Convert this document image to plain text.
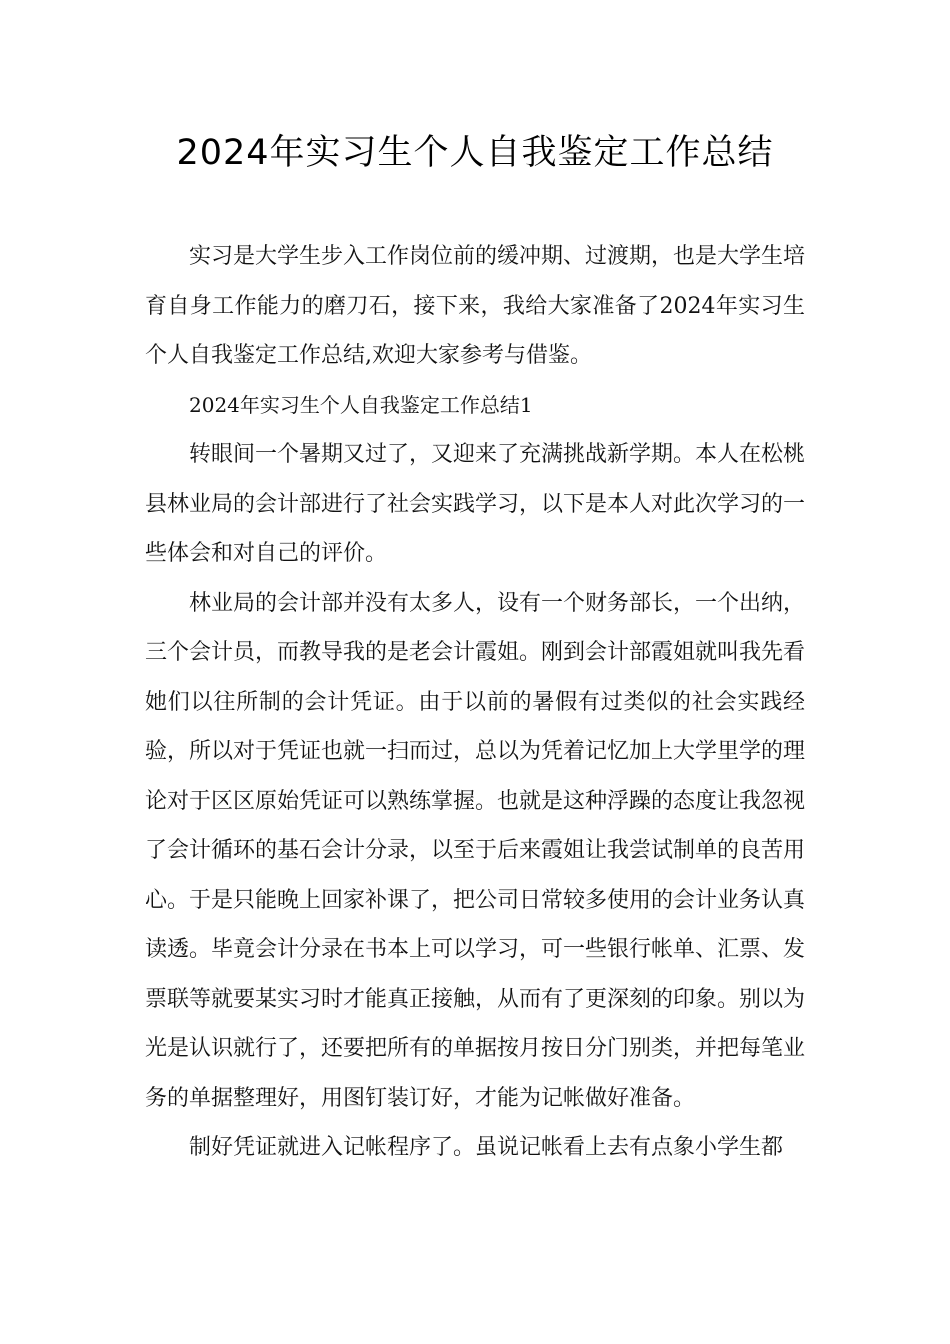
2024年实习生个人自我鉴定工作总结

实习是大学生步入工作岗位前的缓冲期、过渡期，也是大学生培育自身工作能力的磨刀石，接下来，我给大家准备了2024年实习生个人自我鉴定工作总结,欢迎大家参考与借鉴。

2024年实习生个人自我鉴定工作总结1

转眼间一个暑期又过了，又迎来了充满挑战新学期。本人在松桃县林业局的会计部进行了社会实践学习，以下是本人对此次学习的一些体会和对自己的评价。

林业局的会计部并没有太多人，设有一个财务部长，一个出纳，三个会计员，而教导我的是老会计霞姐。刚到会计部霞姐就叫我先看她们以往所制的会计凭证。由于以前的暑假有过类似的社会实践经验，所以对于凭证也就一扫而过，总以为凭着记忆加上大学里学的理论对于区区原始凭证可以熟练掌握。也就是这种浮躁的态度让我忽视了会计循环的基石会计分录，以至于后来霞姐让我尝试制单的良苦用心。于是只能晚上回家补课了，把公司日常较多使用的会计业务认真读透。毕竟会计分录在书本上可以学习，可一些银行帐单、汇票、发票联等就要某实习时才能真正接触，从而有了更深刻的印象。别以为光是认识就行了，还要把所有的单据按月按日分门别类，并把每笔业务的单据整理好，用图钉装订好，才能为记帐做好准备。

制好凭证就进入记帐程序了。虽说记帐看上去有点象小学生都
